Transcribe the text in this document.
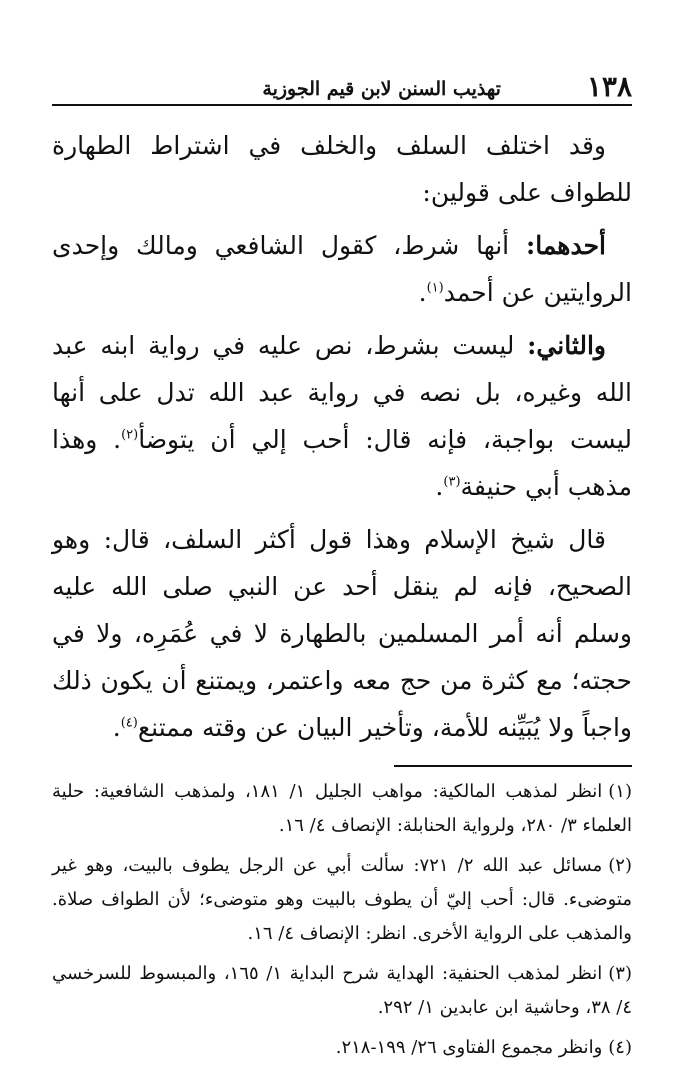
١٣٨
تهذيب السنن لابن قيم الجوزية

وقد اختلف السلف والخلف في اشتراط الطهارة للطواف على قولين:

أحدهما: أنها شرط، كقول الشافعي ومالك وإحدى الروايتين عن أحمد$^{(١)}$.

والثاني: ليست بشرط، نص عليه في رواية ابنه عبد الله وغيره، بل نصه في رواية عبد الله تدل على أنها ليست بواجبة، فإنه قال: أحب إلي أن يتوضأ$^{(٢)}$. وهذا مذهب أبي حنيفة$^{(٣)}$.

قال شيخ الإسلام وهذا قول أكثر السلف، قال: وهو الصحيح، فإنه لم ينقل أحد عن النبي صلى الله عليه وسلم أنه أمر المسلمين بالطهارة لا في عُمَرِه، ولا في حجته؛ مع كثرة من حج معه واعتمر، ويمتنع أن يكون ذلك واجباً ولا يُبَيِّنه للأمة، وتأخير البيان عن وقته ممتنع$^{(٤)}$.

(١)انظر لمذهب المالكية: مواهب الجليل ١/ ١٨١، ولمذهب الشافعية: حلية العلماء ٣/ ٢٨٠، ولرواية الحنابلة: الإنصاف ٤/ ١٦.

(٢)مسائل عبد الله ٢/ ٧٢١: سألت أبي عن الرجل يطوف بالبيت، وهو غير متوضىء. قال: أحب إليّ أن يطوف بالبيت وهو متوضىء؛ لأن الطواف صلاة. والمذهب على الرواية الأخرى. انظر: الإنصاف ٤/ ١٦.

(٣)انظر لمذهب الحنفية: الهداية شرح البداية ١/ ١٦٥، والمبسوط للسرخسي ٤/ ٣٨، وحاشية ابن عابدين ١/ ٢٩٢.

(٤)وانظر مجموع الفتاوى ٢٦/ ١٩٩-٢١٨.
